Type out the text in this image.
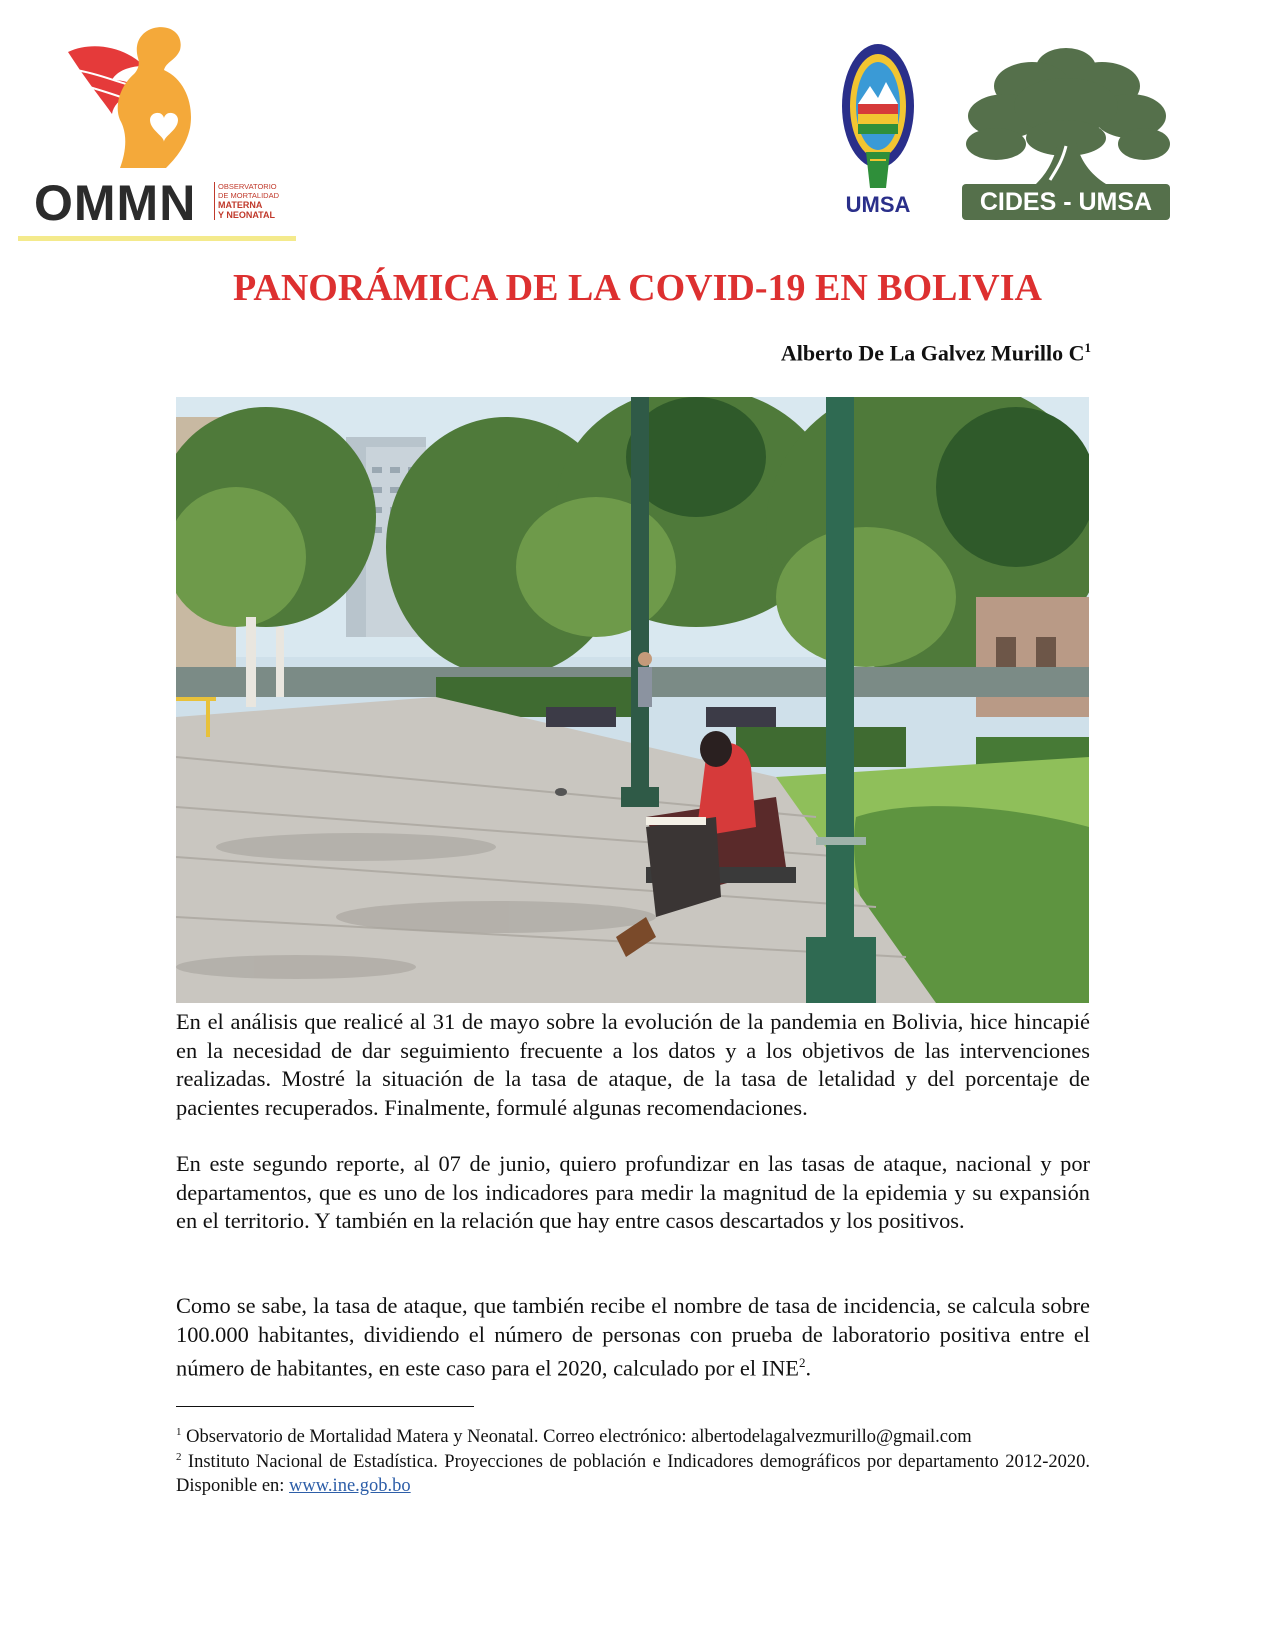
OMMN	OBSERVATORIO
DE MORTALIDAD
MATERNA
Y NEONATAL	UMSA	CIDES - UMSA
PANORÁMICA DE LA COVID-19 EN BOLIVIA

Alberto De La Galvez Murillo $C^1$

En el análisis que realicé al 31 de mayo sobre la evolución de la pandemia en Bolivia, hice hincapié en la necesidad de dar seguimiento frecuente a los datos y a los objetivos de las intervenciones realizadas. Mostré la situación de la tasa de ataque, de la tasa de letalidad y del porcentaje de pacientes recuperados. Finalmente, formulé algunas recomendaciones.

En este segundo reporte, al 07 de junio, quiero profundizar en las tasas de ataque, nacional y por departamentos, que es uno de los indicadores para medir la magnitud de la epidemia y su expansión en el territorio. Y también en la relación que hay entre casos descartados y los positivos.

Como se sabe, la tasa de ataque, que también recibe el nombre de tasa de incidencia, se calcula sobre 100.000 habitantes, dividiendo el número de personas con prueba de laboratorio positiva entre el número de habitantes, en este caso para el 2020, calculado por el INE$^2$.

$^1$ Observatorio de Mortalidad Matera y Neonatal. Correo electrónico: albertodelagalvezmurillo@gmail.com

$^2$ Instituto Nacional de Estadística. Proyecciones de población e Indicadores demográficos por departamento 2012-2020. Disponible en: www.ine.gob.bo
